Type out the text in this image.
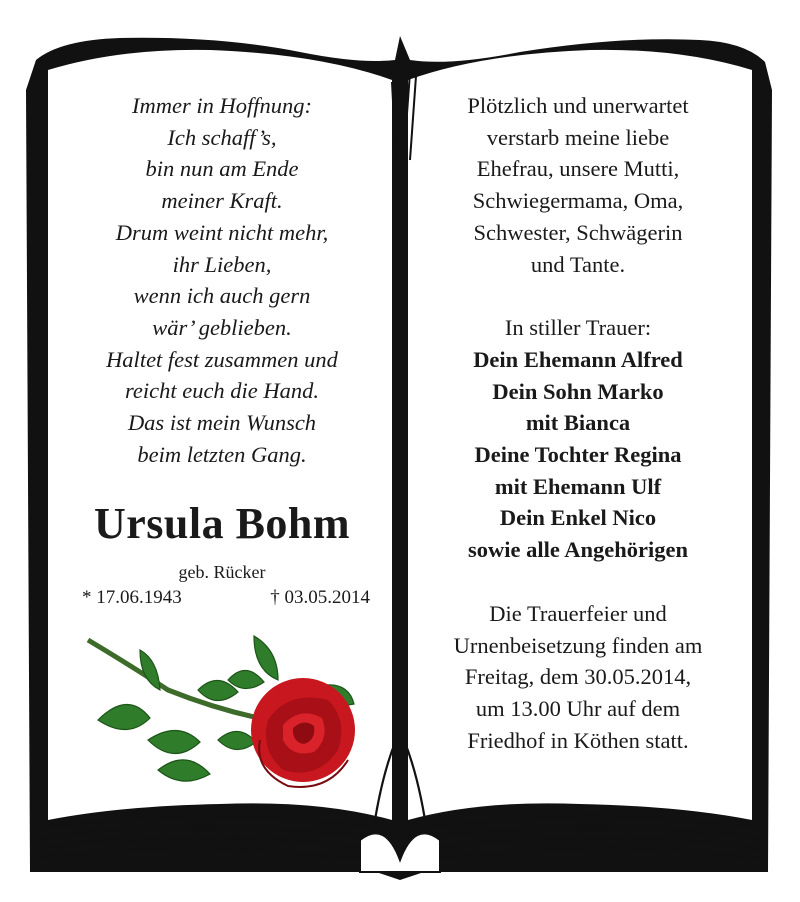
Immer in Hoffnung:
Ich schaff’s,
bin nun am Ende
meiner Kraft.
Drum weint nicht mehr,
ihr Lieben,
wenn ich auch gern
wär’ geblieben.
Haltet fest zusammen und
reicht euch die Hand.
Das ist mein Wunsch
beim letzten Gang.
Ursula Bohm
geb. Rücker
* 17.06.1943	† 03.05.2014
Plötzlich und unerwartet
verstarb meine liebe
Ehefrau, unsere Mutti,
Schwiegermama, Oma,
Schwester, Schwägerin
und Tante.
In stiller Trauer:
Dein Ehemann Alfred
Dein Sohn Marko
mit Bianca
Deine Tochter Regina
mit Ehemann Ulf
Dein Enkel Nico
sowie alle Angehörigen
Die Trauerfeier und
Urnenbeisetzung finden am
Freitag, dem 30.05.2014,
um 13.00 Uhr auf dem
Friedhof in Köthen statt.
